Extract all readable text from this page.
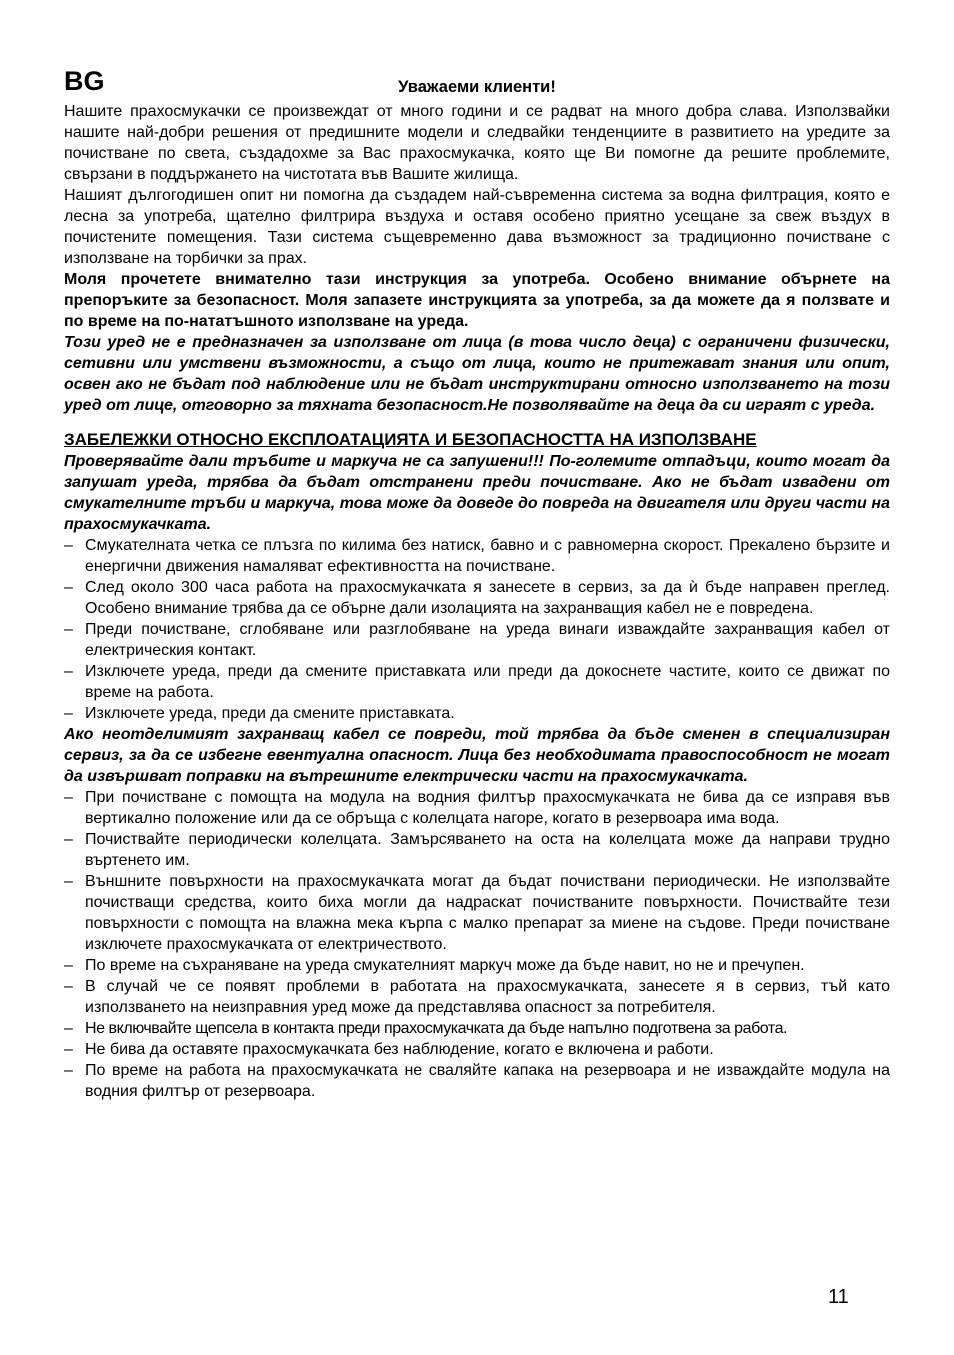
BG	Уважаеми клиенти!

Нашите прахосмукачки се произвеждат от много години и се радват на много добра слава. Използвайки нашите най-добри решения от предишните модели и следвайки тенденциите в развитието на уредите за почистване по света, създадохме за Вас прахосмукачка, която ще Ви помогне да решите проблемите, свързани в поддържането на чистотата във Вашите жилища.

Нашият дългогодишен опит ни помогна да създадем най-съвременна система за водна филтрация, която е лесна за употреба, щателно филтрира въздуха и оставя особено приятно усещане за свеж въздух в почистените помещения. Тази система същевременно дава възможност за традиционно почистване с използване на торбички за прах.

Моля прочетете внимателно тази инструкция за употреба. Особено внимание обърнете на препоръките за безопасност. Моля запазете инструкцията за употреба, за да можете да я ползвате и по време на по-нататъшното използване на уреда.

Този уред не е предназначен за използване от лица (в това число деца) с ограничени физически, сетивни или умствени възможности, а също от лица, които не притежават знания или опит, освен ако не бъдат под наблюдение или не бъдат инструктирани относно използването на този уред от лице, отговорно за тяхната безопасност.Не позволявайте на деца да си играят с уреда.

ЗАБЕЛЕЖКИ ОТНОСНО ЕКСПЛОАТАЦИЯТА И БЕЗОПАСНОСТТА НА ИЗПОЛЗВАНЕ

Проверявайте дали тръбите и маркуча не са запушени!!! По-големите отпадъци, които могат да запушат уреда, трябва да бъдат отстранени преди почистване. Ако не бъдат извадени от смукателните тръби и маркуча, това може да доведе до повреда на двигателя или други части на прахосмукачката.

– Смукателната четка се плъзга по килима без натиск, бавно и с равномерна скорост. Прекалено бързите и енергични движения намаляват ефективността на почистване.
– След около 300 часа работа на прахосмукачката я занесете в сервиз, за да ѝ бъде направен преглед. Особено внимание трябва да се обърне дали изолацията на захранващия кабел не е повредена.
– Преди почистване, сглобяване или разглобяване на уреда винаги изваждайте захранващия кабел от електрическия контакт.
– Изключете уреда, преди да смените приставката или преди да докоснете частите, които се движат по време на работа.
– Изключете уреда, преди да смените приставката.

Ако неотделимият захранващ кабел се повреди, той трябва да бъде сменен в специализиран сервиз, за да се избегне евентуална опасност. Лица без необходимата правоспособност не могат да извършват поправки на вътрешните електрически части на прахосмукачката.

– При почистване с помощта на модула на водния филтър прахосмукачката не бива да се изправя във вертикално положение или да се обръща с колелцата нагоре, когато в резервоара има вода.
– Почиствайте периодически колелцата. Замърсяването на оста на колелцата може да направи трудно въртенето им.
– Външните повърхности на прахосмукачката могат да бъдат почиствани периодически. Не използвайте почистващи средства, които биха могли да надраскат почистваните повърхности. Почиствайте тези повърхности с помощта на влажна мека кърпа с малко препарат за миене на съдове. Преди почистване изключете прахосмукачката от електричеството.
– По време на съхраняване на уреда смукателният маркуч може да бъде навит, но не и пречупен.
– В случай че се появят проблеми в работата на прахосмукачката, занесете я в сервиз, тъй като използването на неизправния уред може да представлява опасност за потребителя.
– Не включвайте щепсела в контакта преди прахосмукачката да бъде напълно подготвена за работа.
– Не бива да оставяте прахосмукачката без наблюдение, когато е включена и работи.
– По време на работа на прахосмукачката не сваляйте капака на резервоара и не изваждайте модула на водния филтър от резервоара.
11
